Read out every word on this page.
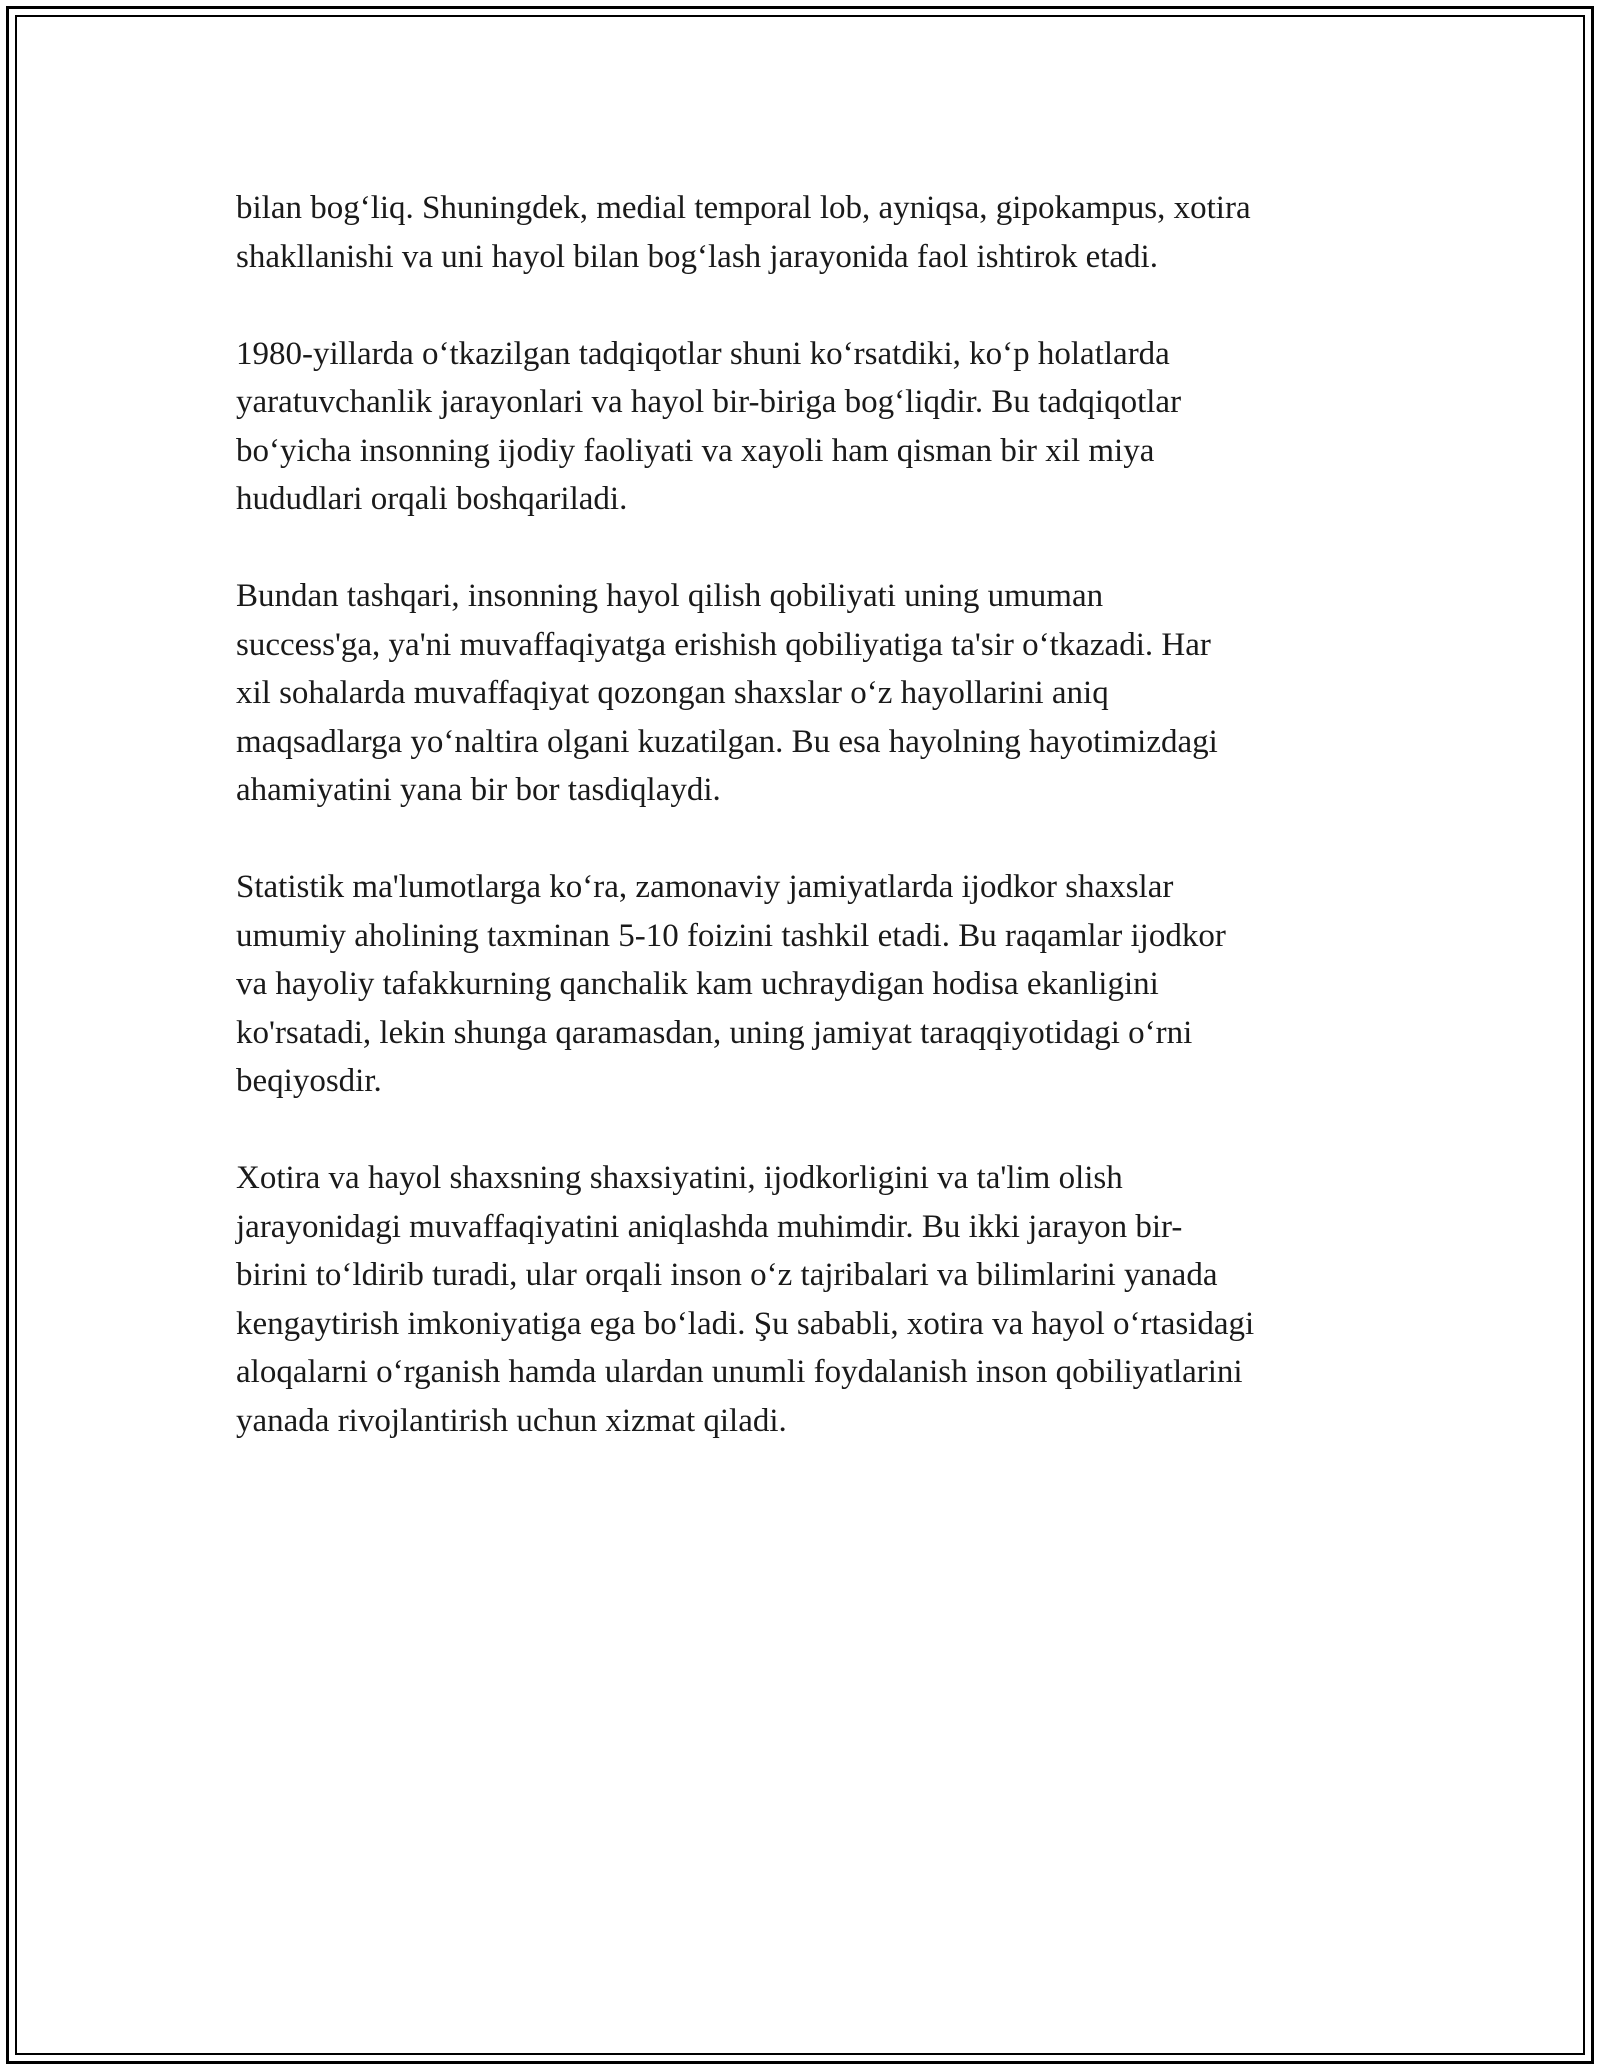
bilan bog‘liq. Shuningdek, medial temporal lob, ayniqsa, gipokampus, xotira
shakllanishi va uni hayol bilan bog‘lash jarayonida faol ishtirok etadi.

1980-yillarda o‘tkazilgan tadqiqotlar shuni ko‘rsatdiki, ko‘p holatlarda
yaratuvchanlik jarayonlari va hayol bir-biriga bog‘liqdir. Bu tadqiqotlar
bo‘yicha insonning ijodiy faoliyati va xayoli ham qisman bir xil miya
hududlari orqali boshqariladi.

Bundan tashqari, insonning hayol qilish qobiliyati uning umuman
success'ga, ya'ni muvaffaqiyatga erishish qobiliyatiga ta'sir o‘tkazadi. Har
xil sohalarda muvaffaqiyat qozongan shaxslar o‘z hayollarini aniq
maqsadlarga yo‘naltira olgani kuzatilgan. Bu esa hayolning hayotimizdagi
ahamiyatini yana bir bor tasdiqlaydi.

Statistik ma'lumotlarga ko‘ra, zamonaviy jamiyatlarda ijodkor shaxslar
umumiy aholining taxminan 5-10 foizini tashkil etadi. Bu raqamlar ijodkor
va hayoliy tafakkurning qanchalik kam uchraydigan hodisa ekanligini
ko'rsatadi, lekin shunga qaramasdan, uning jamiyat taraqqiyotidagi o‘rni
beqiyosdir.

Xotira va hayol shaxsning shaxsiyatini, ijodkorligini va ta'lim olish
jarayonidagi muvaffaqiyatini aniqlashda muhimdir. Bu ikki jarayon bir-
birini to‘ldirib turadi, ular orqali inson o‘z tajribalari va bilimlarini yanada
kengaytirish imkoniyatiga ega bo‘ladi. Şu sababli, xotira va hayol o‘rtasidagi
aloqalarni o‘rganish hamda ulardan unumli foydalanish inson qobiliyatlarini
yanada rivojlantirish uchun xizmat qiladi.
